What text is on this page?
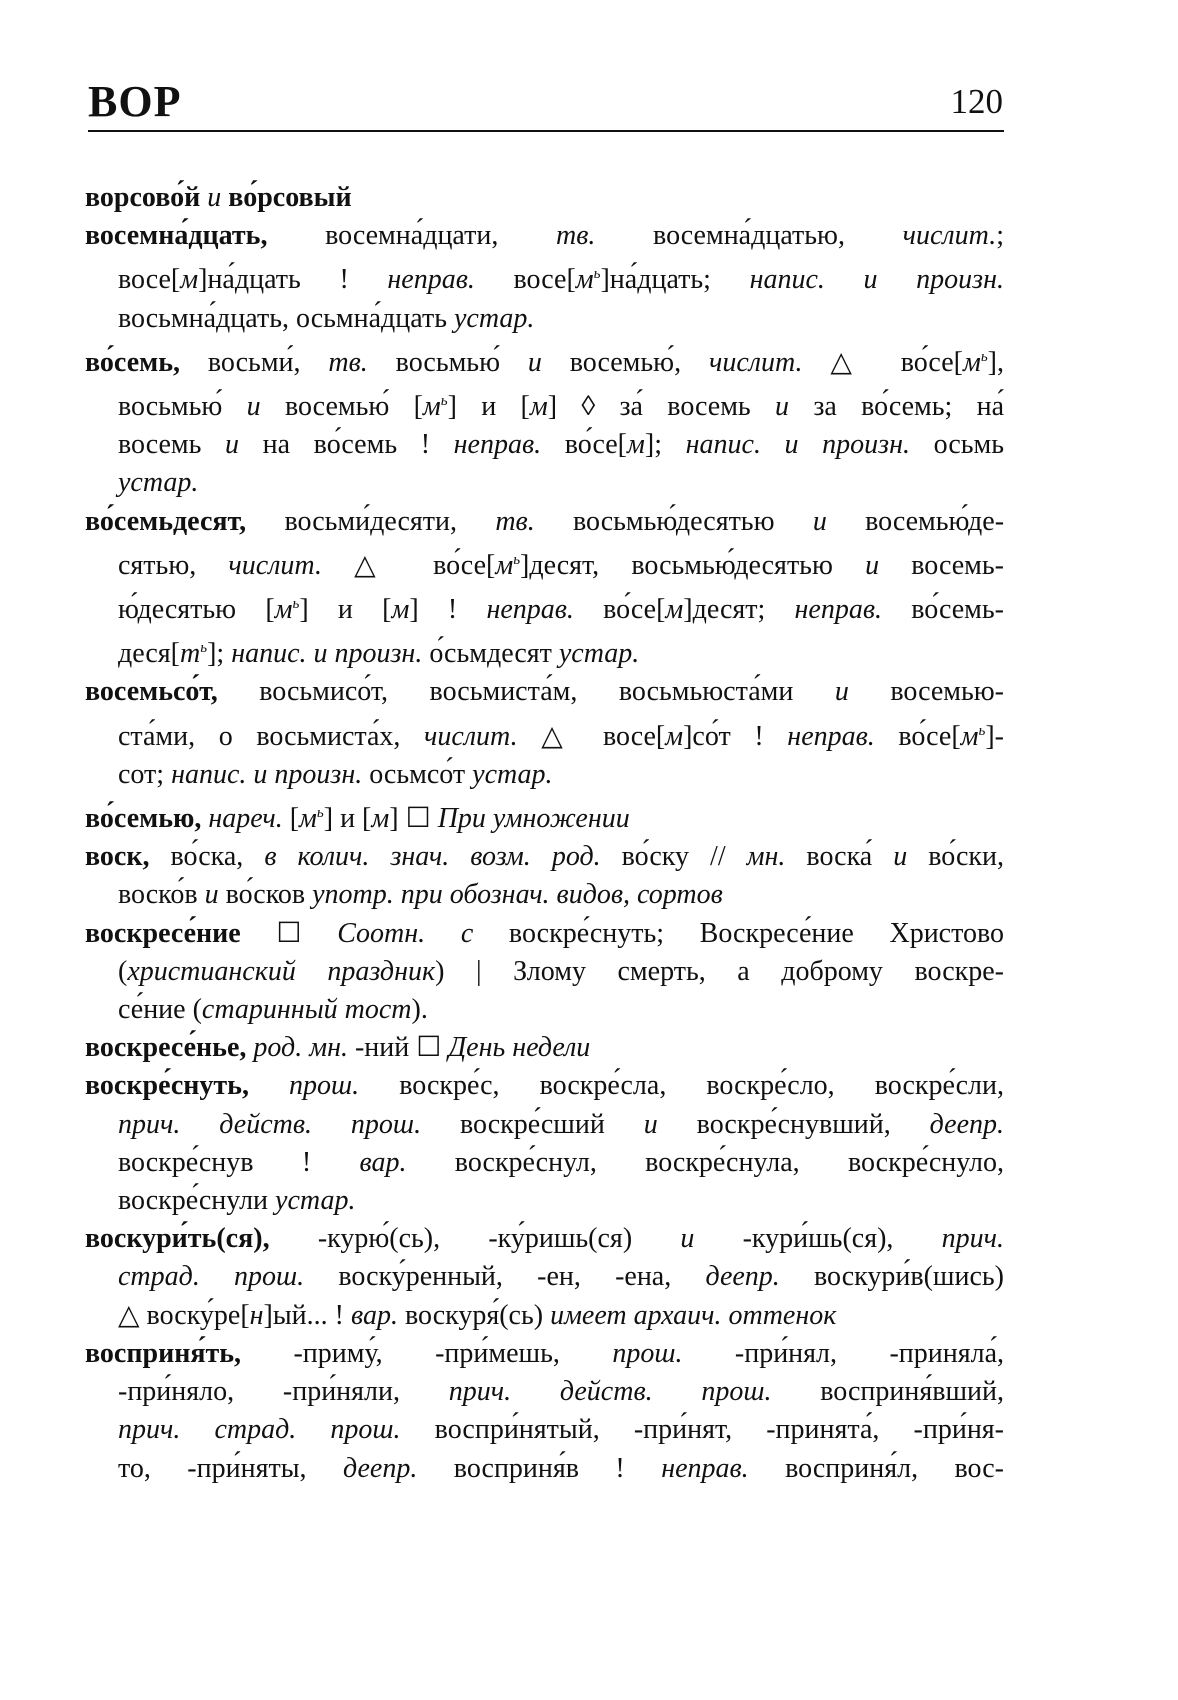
ВОР	120
ворсово́й и во́рсовый
восемна́дцать, восемна́дцати, тв. восемна́дцатью, числит.;
восе[м]на́дцать ! неправ. $восе[м^ь]на́дцать$; напис. и произн.
восьмна́дцать, осьмна́дцать устар.
во́семь, восьми́, тв. восьмью́ и восемью́, числит. △ $во́се[м^ь]$,
восьмью́ и восемью́ $[м^ь]$ и [м] ◊ за́ восемь и за во́семь; на́
восемь и на во́семь ! неправ. во́се[м]; напис. и произн. осьмь
устар.
во́семьдесят, восьми́десяти, тв. восьмью́десятью и восемью́де-
сятью, числит. △ $во́се[м^ь]десят$, восьмью́десятью и восемь-
ю́десятью $[м^ь]$ и [м] ! неправ. во́се[м]десят; неправ. во́семь-
$деся[т^ь]$; напис. и произн. о́сьмдесят устар.
восемьсо́т, восьмисо́т, восьмиста́м, восьмьюста́ми и восемью-
ста́ми, о восьмиста́х, числит. △ восе[м]со́т ! неправ. $во́се[м^ь]-$
сот; напис. и произн. осьмсо́т устар.
во́семью, нареч. $[м^ь]$ и [м] ☐ При умножении
воск, во́ска, в колич. знач. возм. род. во́ску // мн. воска́ и во́ски,
воско́в и во́сков употр. при обознач. видов, сортов
воскресе́ние ☐ Соотн. с воскре́снуть; Воскресе́ние Христово
(христианский праздник) | Злому смерть, а доброму воскре-
се́ние (старинный тост).
воскресе́нье, род. мн. -ний ☐ День недели
воскре́снуть, прош. воскре́с, воскре́сла, воскре́сло, воскре́сли,
прич. действ. прош. воскре́сший и воскре́снувший, деепр.
воскре́снув ! вар. воскре́снул, воскре́снула, воскре́снуло,
воскре́снули устар.
воскури́ть(ся), -курю́(сь), -ку́ришь(ся) и -кури́шь(ся), прич.
страд. прош. воску́ренный, -ен, -ена, деепр. воскури́в(шись)
△ воску́ре[н]ый... ! вар. воскуря́(сь) имеет архаич. оттенок
восприня́ть, -приму́, -при́мешь, прош. -при́нял, -приняла́,
-при́няло, -при́няли, прич. действ. прош. восприня́вший,
прич. страд. прош. воспри́нятый, -при́нят, -принята́, -при́ня-
то, -при́няты, деепр. восприня́в ! неправ. восприня́л, вос-
